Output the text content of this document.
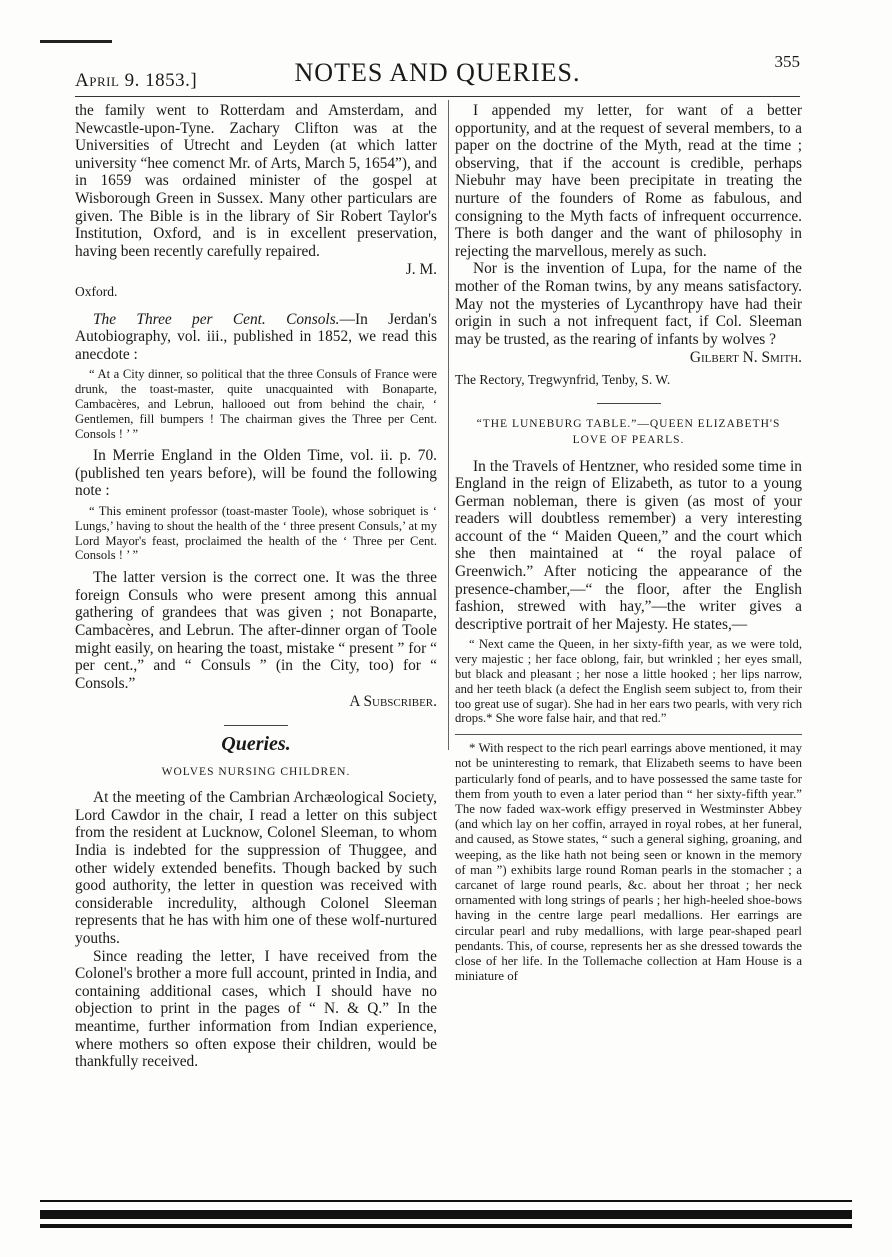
April 9. 1853.]	NOTES AND QUERIES.	355

the family went to Rotterdam and Amsterdam, and Newcastle-upon-Tyne. Zachary Clifton was at the Universities of Utrecht and Leyden (at which latter university “hee comenct Mr. of Arts, March 5, 1654”), and in 1659 was ordained minister of the gospel at Wisborough Green in Sussex. Many other particulars are given. The Bible is in the library of Sir Robert Taylor's Institution, Oxford, and is in excellent preservation, having been recently carefully repaired.

J. M.

Oxford.

The Three per Cent. Consols.—In Jerdan's Autobiography, vol. iii., published in 1852, we read this anecdote :

“ At a City dinner, so political that the three Consuls of France were drunk, the toast-master, quite unacquainted with Bonaparte, Cambacères, and Lebrun, hallooed out from behind the chair, ‘ Gentlemen, fill bumpers ! The chairman gives the Three per Cent. Consols ! ’ ”

In Merrie England in the Olden Time, vol. ii. p. 70. (published ten years before), will be found the following note :

“ This eminent professor (toast-master Toole), whose sobriquet is ‘ Lungs,’ having to shout the health of the ‘ three present Consuls,’ at my Lord Mayor's feast, proclaimed the health of the ‘ Three per Cent. Consols ! ’ ”

The latter version is the correct one. It was the three foreign Consuls who were present among this annual gathering of grandees that was given ; not Bonaparte, Cambacères, and Lebrun. The after-dinner organ of Toole might easily, on hearing the toast, mistake “ present ” for “ per cent.,” and “ Consuls ” (in the City, too) for “ Consols.”

A Subscriber.

Queries.

WOLVES NURSING CHILDREN.

At the meeting of the Cambrian Archæological Society, Lord Cawdor in the chair, I read a letter on this subject from the resident at Lucknow, Colonel Sleeman, to whom India is indebted for the suppression of Thuggee, and other widely extended benefits. Though backed by such good authority, the letter in question was received with considerable incredulity, although Colonel Sleeman represents that he has with him one of these wolf-nurtured youths.

Since reading the letter, I have received from the Colonel's brother a more full account, printed in India, and containing additional cases, which I should have no objection to print in the pages of “ N. & Q.” In the meantime, further information from Indian experience, where mothers so often expose their children, would be thankfully received.

I appended my letter, for want of a better opportunity, and at the request of several members, to a paper on the doctrine of the Myth, read at the time ; observing, that if the account is credible, perhaps Niebuhr may have been precipitate in treating the nurture of the founders of Rome as fabulous, and consigning to the Myth facts of infrequent occurrence. There is both danger and the want of philosophy in rejecting the marvellous, merely as such.

Nor is the invention of Lupa, for the name of the mother of the Roman twins, by any means satisfactory. May not the mysteries of Lycanthropy have had their origin in such a not infrequent fact, if Col. Sleeman may be trusted, as the rearing of infants by wolves ?

Gilbert N. Smith.

The Rectory, Tregwynfrid, Tenby, S. W.

“THE LUNEBURG TABLE.”—QUEEN ELIZABETH'S
LOVE OF PEARLS.

In the Travels of Hentzner, who resided some time in England in the reign of Elizabeth, as tutor to a young German nobleman, there is given (as most of your readers will doubtless remember) a very interesting account of the “ Maiden Queen,” and the court which she then maintained at “ the royal palace of Greenwich.” After noticing the appearance of the presence-chamber,—“ the floor, after the English fashion, strewed with hay,”—the writer gives a descriptive portrait of her Majesty. He states,—

“ Next came the Queen, in her sixty-fifth year, as we were told, very majestic ; her face oblong, fair, but wrinkled ; her eyes small, but black and pleasant ; her nose a little hooked ; her lips narrow, and her teeth black (a defect the English seem subject to, from their too great use of sugar). She had in her ears two pearls, with very rich drops.* She wore false hair, and that red.”

* With respect to the rich pearl earrings above mentioned, it may not be uninteresting to remark, that Elizabeth seems to have been particularly fond of pearls, and to have possessed the same taste for them from youth to even a later period than “ her sixty-fifth year.” The now faded wax-work effigy preserved in Westminster Abbey (and which lay on her coffin, arrayed in royal robes, at her funeral, and caused, as Stowe states, “ such a general sighing, groaning, and weeping, as the like hath not being seen or known in the memory of man ”) exhibits large round Roman pearls in the stomacher ; a carcanet of large round pearls, &c. about her throat ; her neck ornamented with long strings of pearls ; her high-heeled shoe-bows having in the centre large pearl medallions. Her earrings are circular pearl and ruby medallions, with large pear-shaped pearl pendants. This, of course, represents her as she dressed towards the close of her life. In the Tollemache collection at Ham House is a miniature of
